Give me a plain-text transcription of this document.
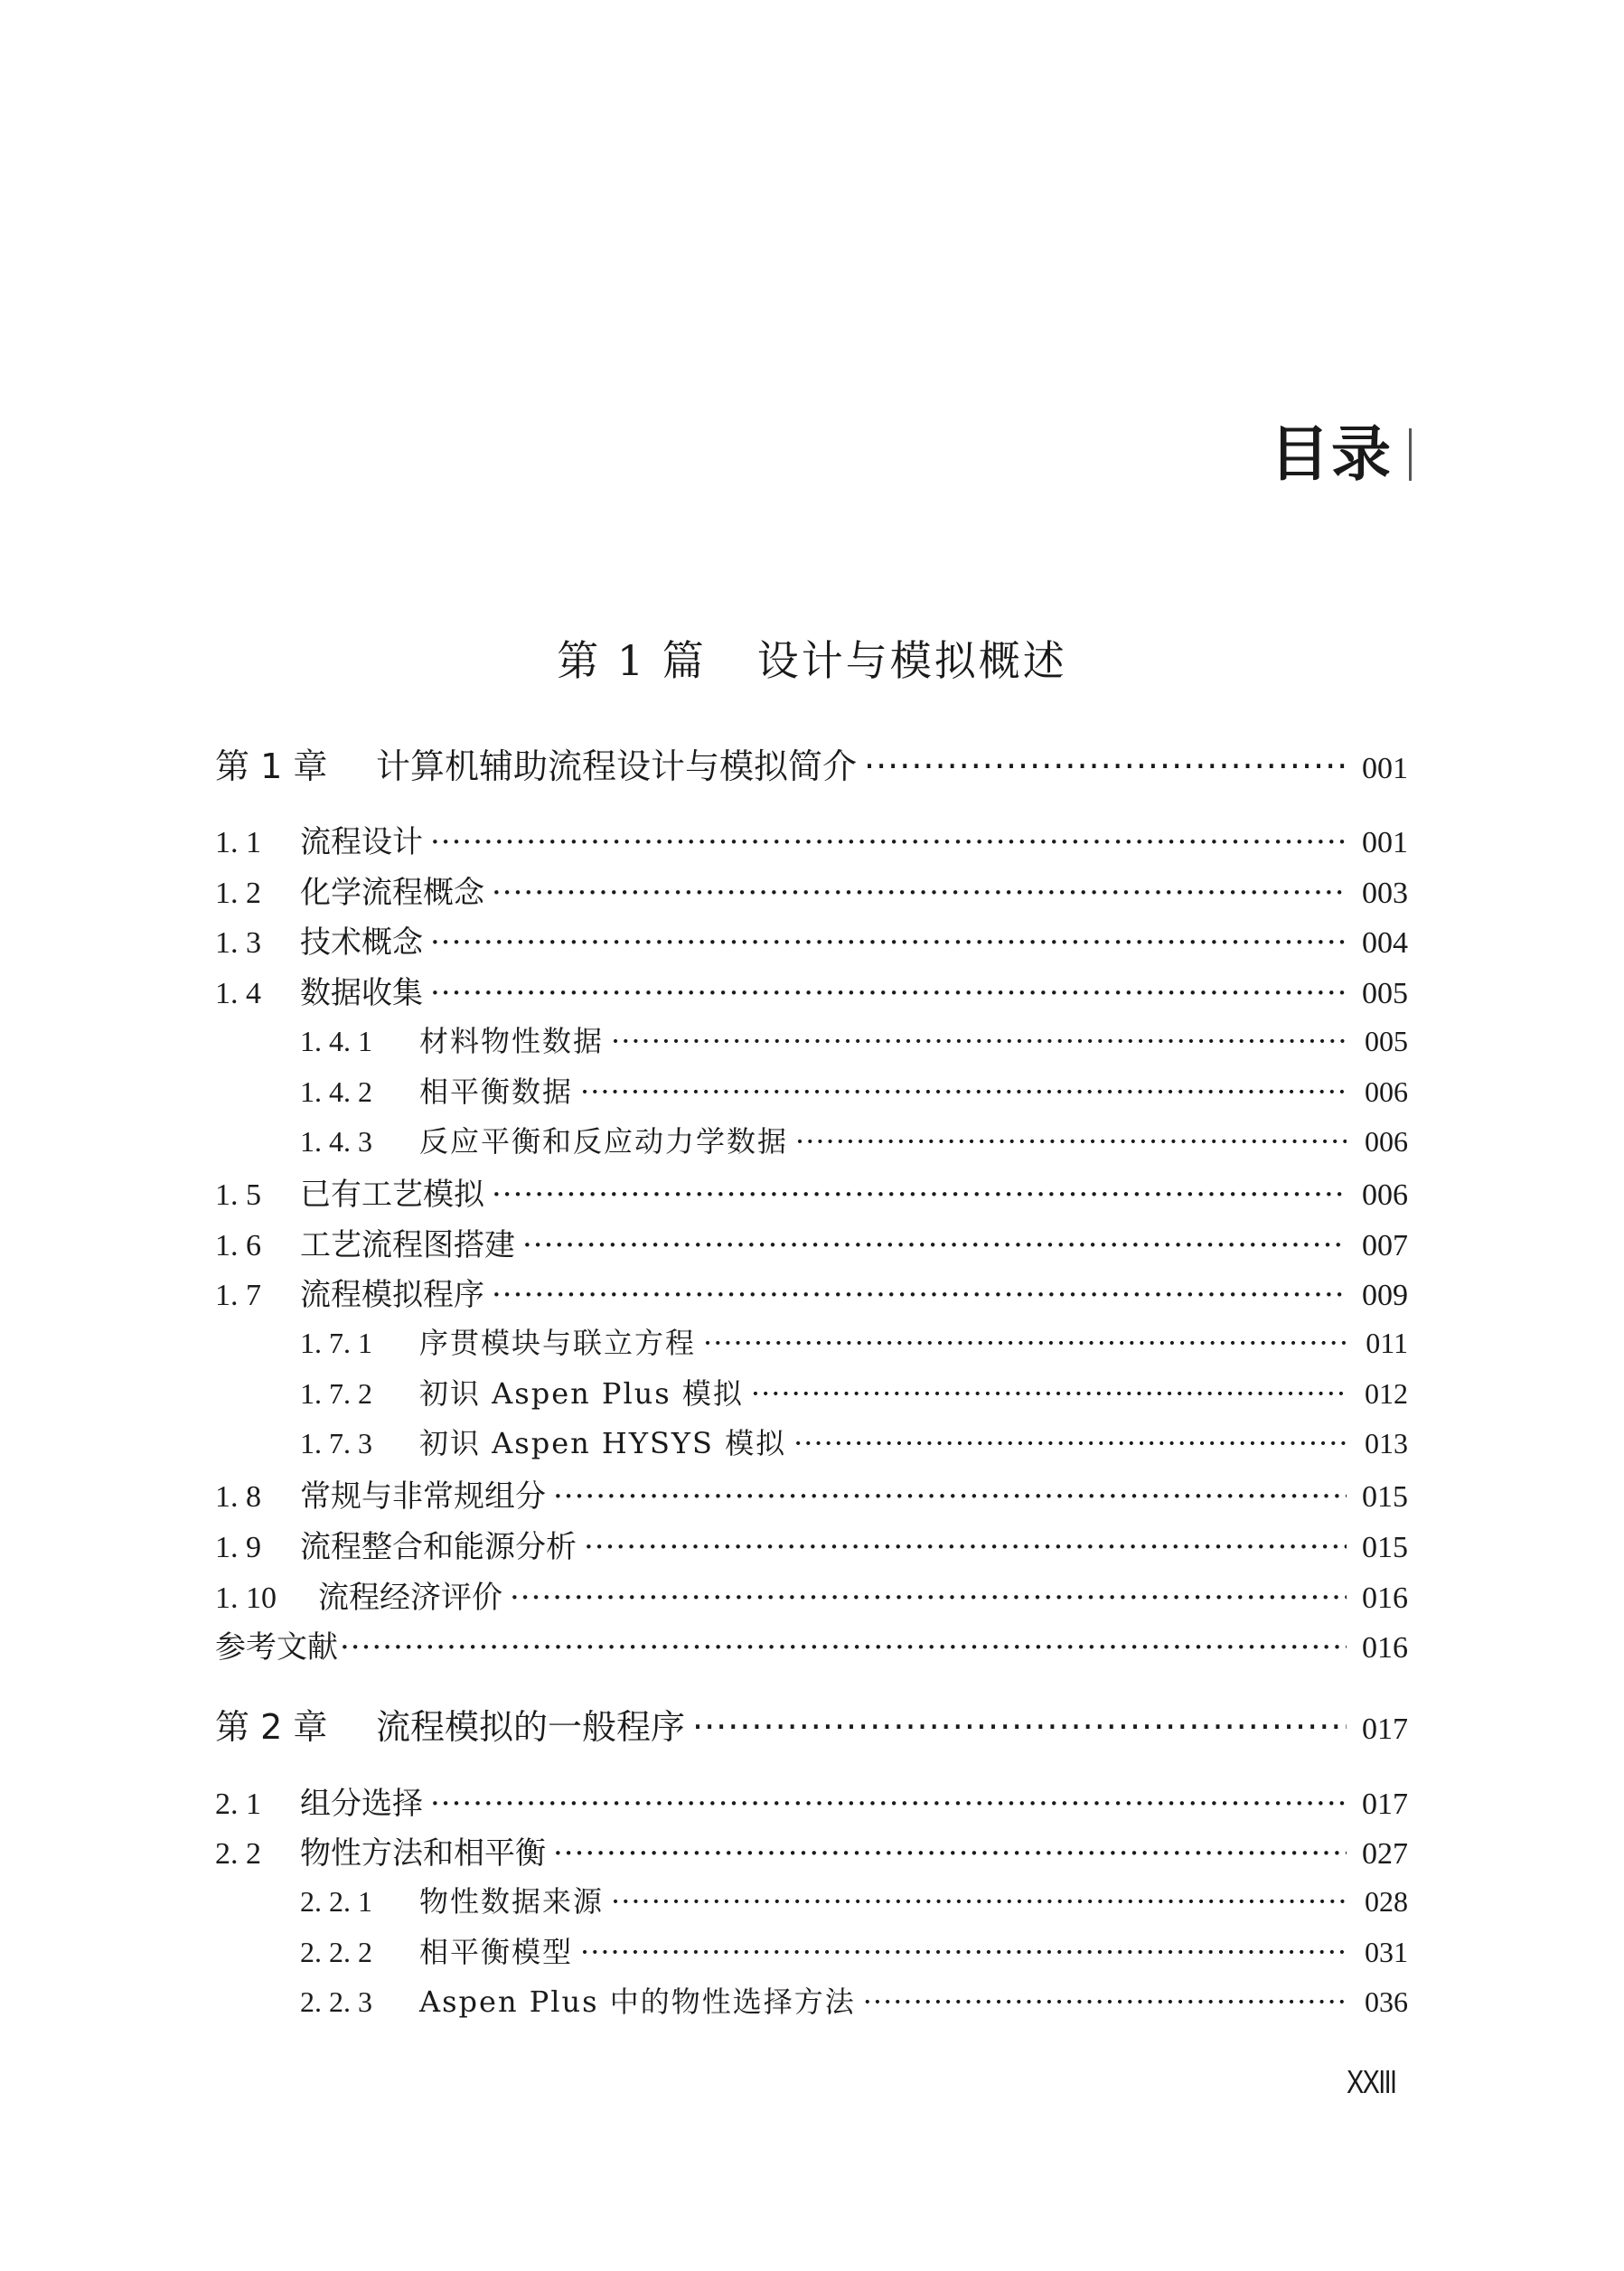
目录
第 1 篇 设计与模拟概述
第 1 章	计算机辅助流程设计与模拟简介 ·····	001
1. 1	流程设计 ·····	001
1. 2	化学流程概念 ·····	003
1. 3	技术概念 ·····	004
1. 4	数据收集 ·····	005
1. 4. 1	材料物性数据 ·····	005
1. 4. 2	相平衡数据 ·····	006
1. 4. 3	反应平衡和反应动力学数据 ·····	006
1. 5	已有工艺模拟 ·····	006
1. 6	工艺流程图搭建 ·····	007
1. 7	流程模拟程序 ·····	009
1. 7. 1	序贯模块与联立方程 ·····	011
1. 7. 2	初识 Aspen Plus 模拟 ·····	012
1. 7. 3	初识 Aspen HYSYS 模拟 ·····	013
1. 8	常规与非常规组分 ·····	015
1. 9	流程整合和能源分析 ·····	015
1. 10	流程经济评价 ·····	016
参考文献 ·····	016
第 2 章	流程模拟的一般程序 ·····	017
2. 1	组分选择 ·····	017
2. 2	物性方法和相平衡 ·····	027
2. 2. 1	物性数据来源 ·····	028
2. 2. 2	相平衡模型 ·····	031
2. 2. 3	Aspen Plus 中的物性选择方法 ·····	036
XXIII
